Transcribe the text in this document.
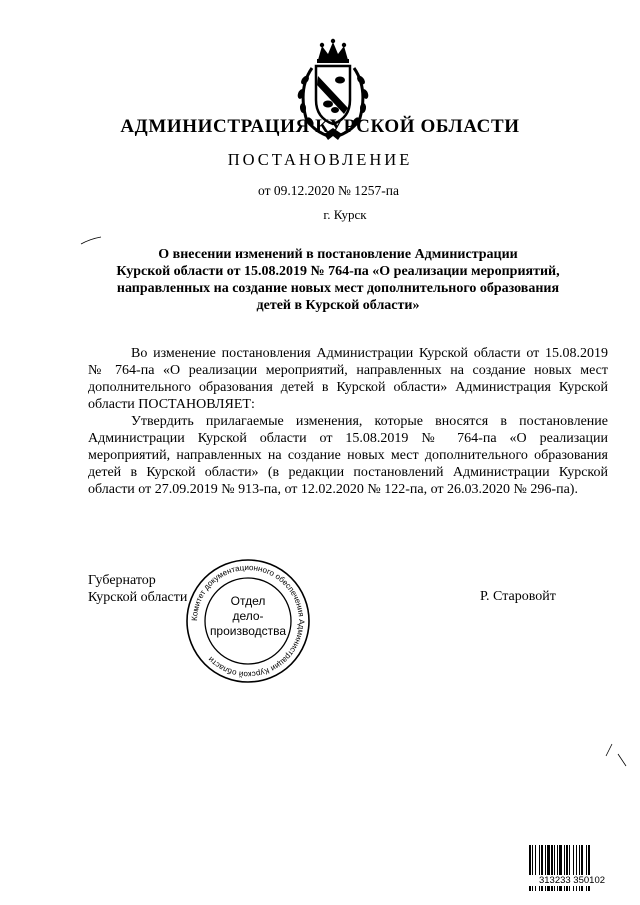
АДМИНИСТРАЦИЯ КУРСКОЙ ОБЛАСТИ
ПОСТАНОВЛЕНИЕ
от 09.12.2020 № 1257-па
г. Курск
О внесении изменений в постановление Администрации
Курской области от 15.08.2019 № 764-па «О реализации мероприятий,
направленных на создание новых мест дополнительного образования
детей в Курской области»

Во изменение постановления Администрации Курской области от 15.08.2019 № 764-па «О реализации мероприятий, направленных на создание новых мест дополнительного образования детей в Курской области» Администрация Курской области ПОСТАНОВЛЯЕТ:

Утвердить прилагаемые изменения, которые вносятся в постановление Администрации Курской области от 15.08.2019 № 764-па «О реализации мероприятий, направленных на создание новых мест дополнительного образования детей в Курской области» (в редакции постановлений Администрации Курской области от 27.09.2019 № 913-па, от 12.02.2020 № 122-па, от 26.03.2020 № 296-па).

Губернатор
Курской области
Комитет документационного обеспечения Администрации Курской области
Отдел
дело-
производства
Р. Старовойт
313233 350102
